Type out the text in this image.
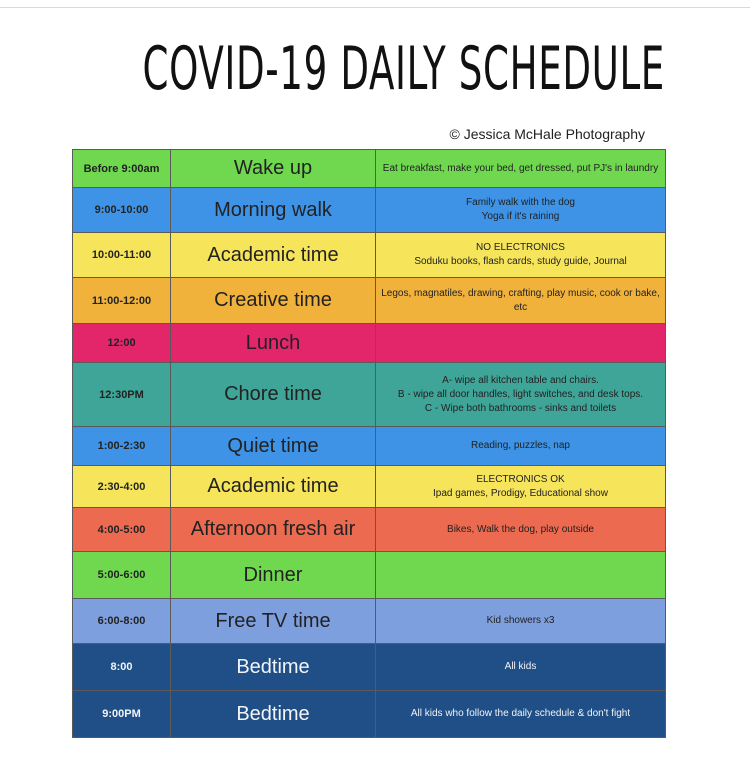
COVID-19 DAILY SCHEDULE
© Jessica McHale Photography
Before 9:00am	Wake up	Eat breakfast, make your bed, get dressed, put PJ's in laundry
9:00-10:00	Morning walk	Family walk with the dog
Yoga if it's raining
10:00-11:00	Academic time	NO ELECTRONICS
Soduku books, flash cards, study guide, Journal
11:00-12:00	Creative time	Legos, magnatiles, drawing, crafting, play music, cook or bake, etc
12:00	Lunch
12:30PM	Chore time
A- wipe all kitchen table and chairs.
B - wipe all door handles, light switches, and desk tops.
C - Wipe both bathrooms - sinks and toilets
1:00-2:30	Quiet time	Reading, puzzles, nap
2:30-4:00	Academic time	ELECTRONICS OK
Ipad games, Prodigy, Educational show
4:00-5:00	Afternoon fresh air	Bikes, Walk the dog, play outside
5:00-6:00	Dinner
6:00-8:00	Free TV time	Kid showers x3
8:00	Bedtime	All kids
9:00PM	Bedtime	All kids who follow the daily schedule & don't fight
